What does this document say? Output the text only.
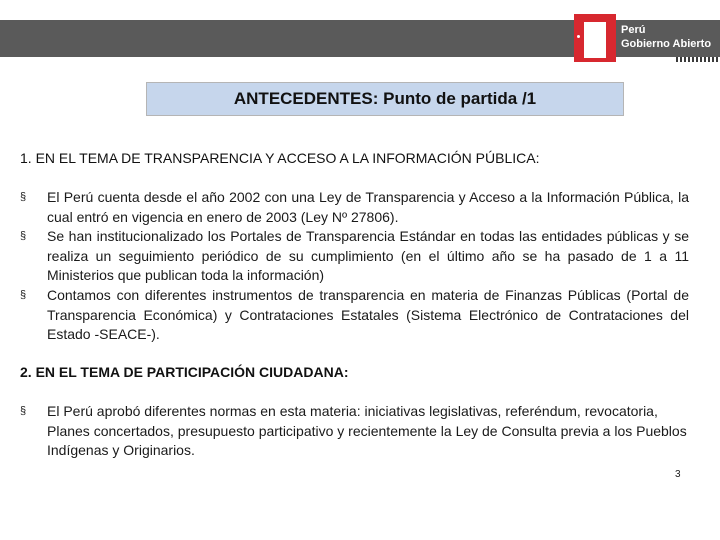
Perú
Gobierno Abierto
ANTECEDENTES: Punto de partida /1
1. EN EL TEMA DE TRANSPARENCIA Y ACCESO A LA INFORMACIÓN PÚBLICA:
§ El Perú cuenta desde el año 2002 con una Ley de Transparencia y Acceso a la Información Pública, la cual entró en vigencia en enero de 2003 (Ley Nº 27806).
§ Se han institucionalizado los Portales de Transparencia Estándar en todas las entidades públicas y se realiza un seguimiento periódico de su cumplimiento (en el último año se ha pasado de 1 a 11 Ministerios que publican toda la información)
§ Contamos con diferentes instrumentos de transparencia en materia de Finanzas Públicas (Portal de Transparencia Económica) y Contrataciones Estatales (Sistema Electrónico de Contrataciones del Estado -SEACE-).
2. EN EL TEMA DE PARTICIPACIÓN CIUDADANA:
§ El Perú aprobó diferentes normas en esta materia: iniciativas legislativas, referéndum, revocatoria, Planes concertados, presupuesto participativo y recientemente la Ley de Consulta previa a los Pueblos Indígenas y Originarios.
3
